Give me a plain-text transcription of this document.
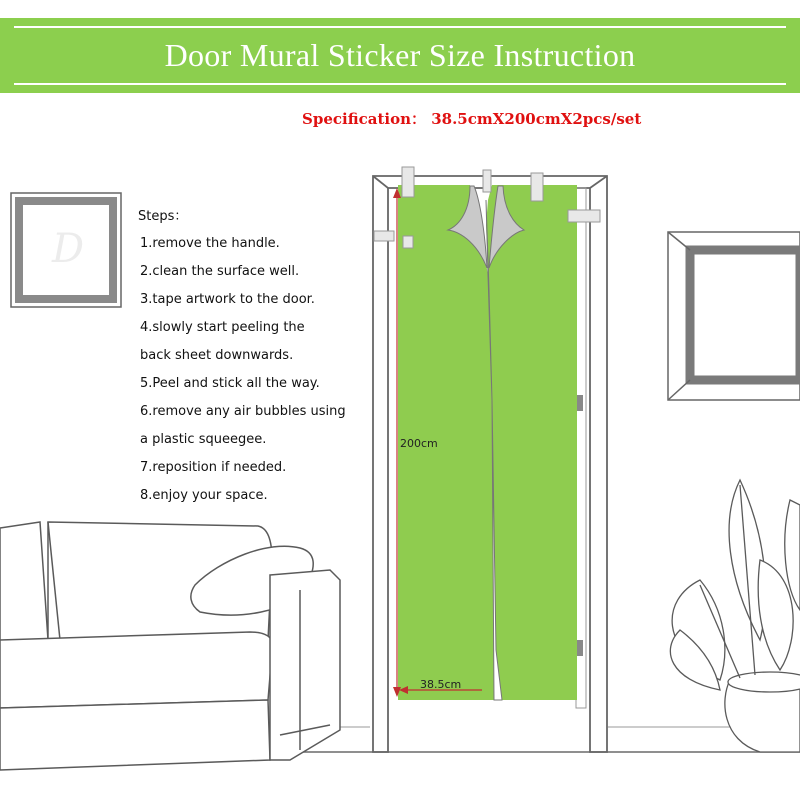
Door Mural Sticker Size Instruction
Specification： 38.5cmX200cmX2pcs/set
D
Steps：
1.remove the handle.
2.clean the surface well.
3.tape artwork to the door.
4.slowly start peeling the
back sheet downwards.
5.Peel and stick all the way.
6.remove any air bubbles using
a plastic squeegee.
7.reposition if needed.
8.enjoy your space.
200cm
38.5cm
